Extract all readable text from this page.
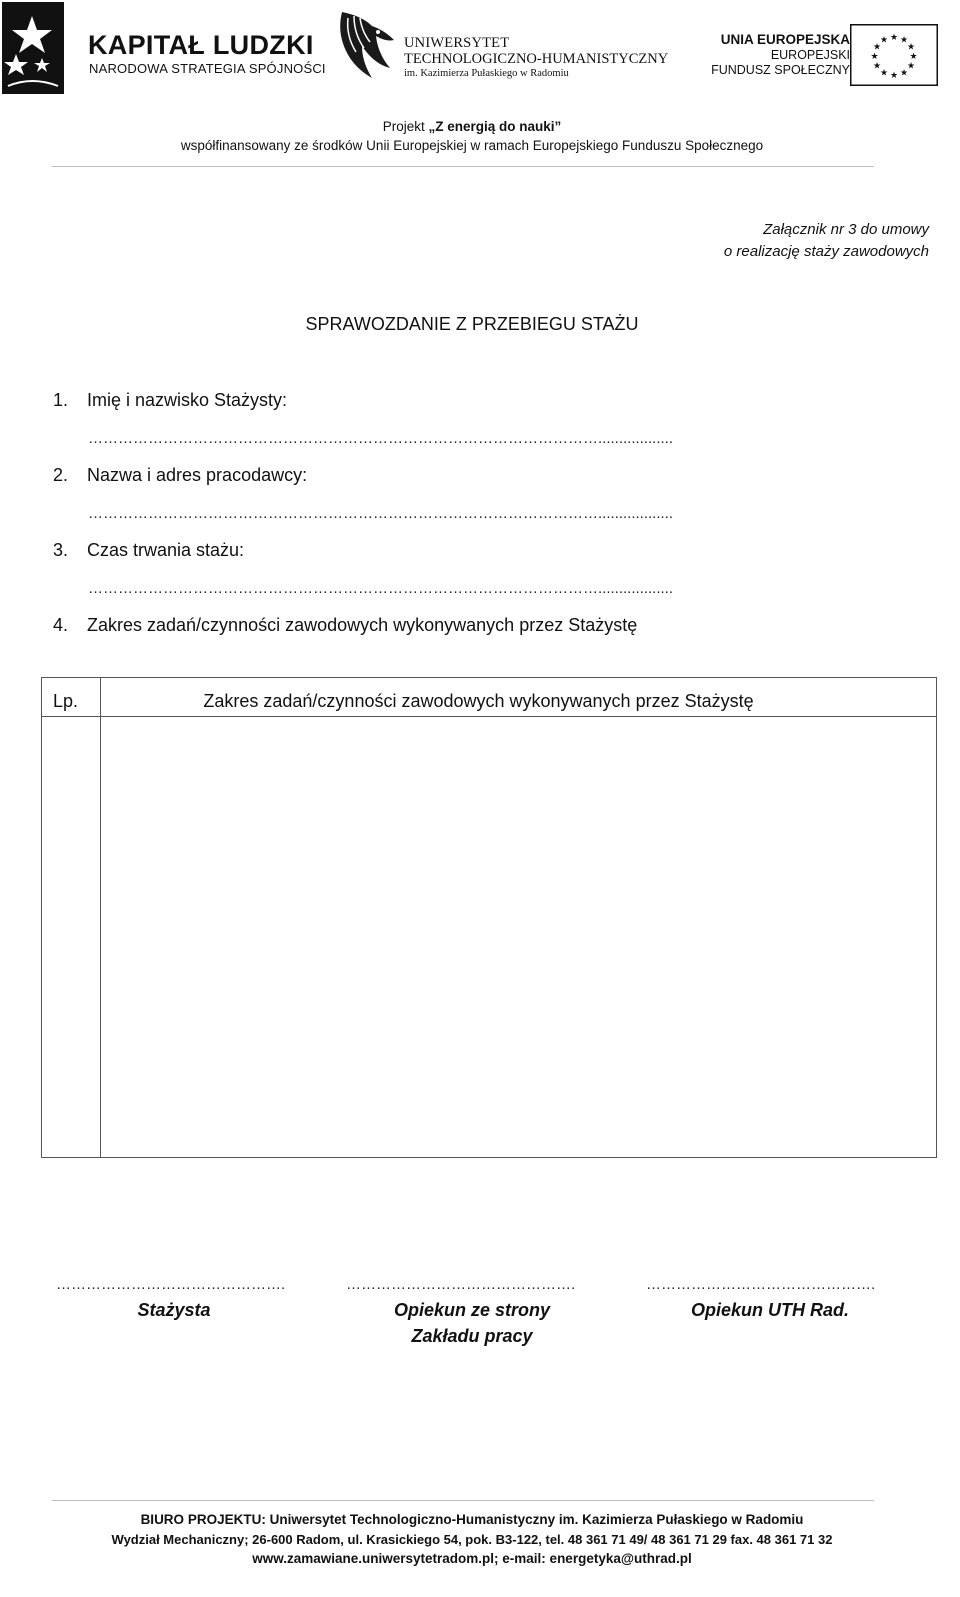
KAPITAŁ LUDZKI
NARODOWA STRATEGIA SPÓJNOŚCI
UNIWERSYTET
TECHNOLOGICZNO-HUMANISTYCZNY
im. Kazimierza Pułaskiego w Radomiu
UNIA EUROPEJSKA
EUROPEJSKI
FUNDUSZ SPOŁECZNY
★ ★
★
★
★
★
★
★
★
★
★
★
Projekt „Z energią do nauki”
współfinansowany ze środków Unii Europejskiej w ramach Europejskiego Funduszu Społecznego
Załącznik nr 3 do umowy
o realizację staży zawodowych
SPRAWOZDANIE Z PRZEBIEGU STAŻU
1. Imię i nazwisko Stażysty:
…………………………………………………………………………………………..................
2. Nazwa i adres pracodawcy:
…………………………………………………………………………………………..................
3. Czas trwania stażu:
…………………………………………………………………………………………..................
4. Zakres zadań/czynności zawodowych wykonywanych przez Stażystę
Lp.	Zakres zadań/czynności zawodowych wykonywanych przez Stażystę
……………………………………….
Stażysta
……………………………………….
Opiekun ze strony Zakładu pracy
……………………………………….
Opiekun UTH Rad.
BIURO PROJEKTU: Uniwersytet Technologiczno-Humanistyczny im. Kazimierza Pułaskiego w Radomiu
Wydział Mechaniczny; 26-600 Radom, ul. Krasickiego 54, pok. B3-122, tel. 48 361 71 49/ 48 361 71 29 fax. 48 361 71 32
www.zamawiane.uniwersytetradom.pl; e-mail: energetyka@uthrad.pl
